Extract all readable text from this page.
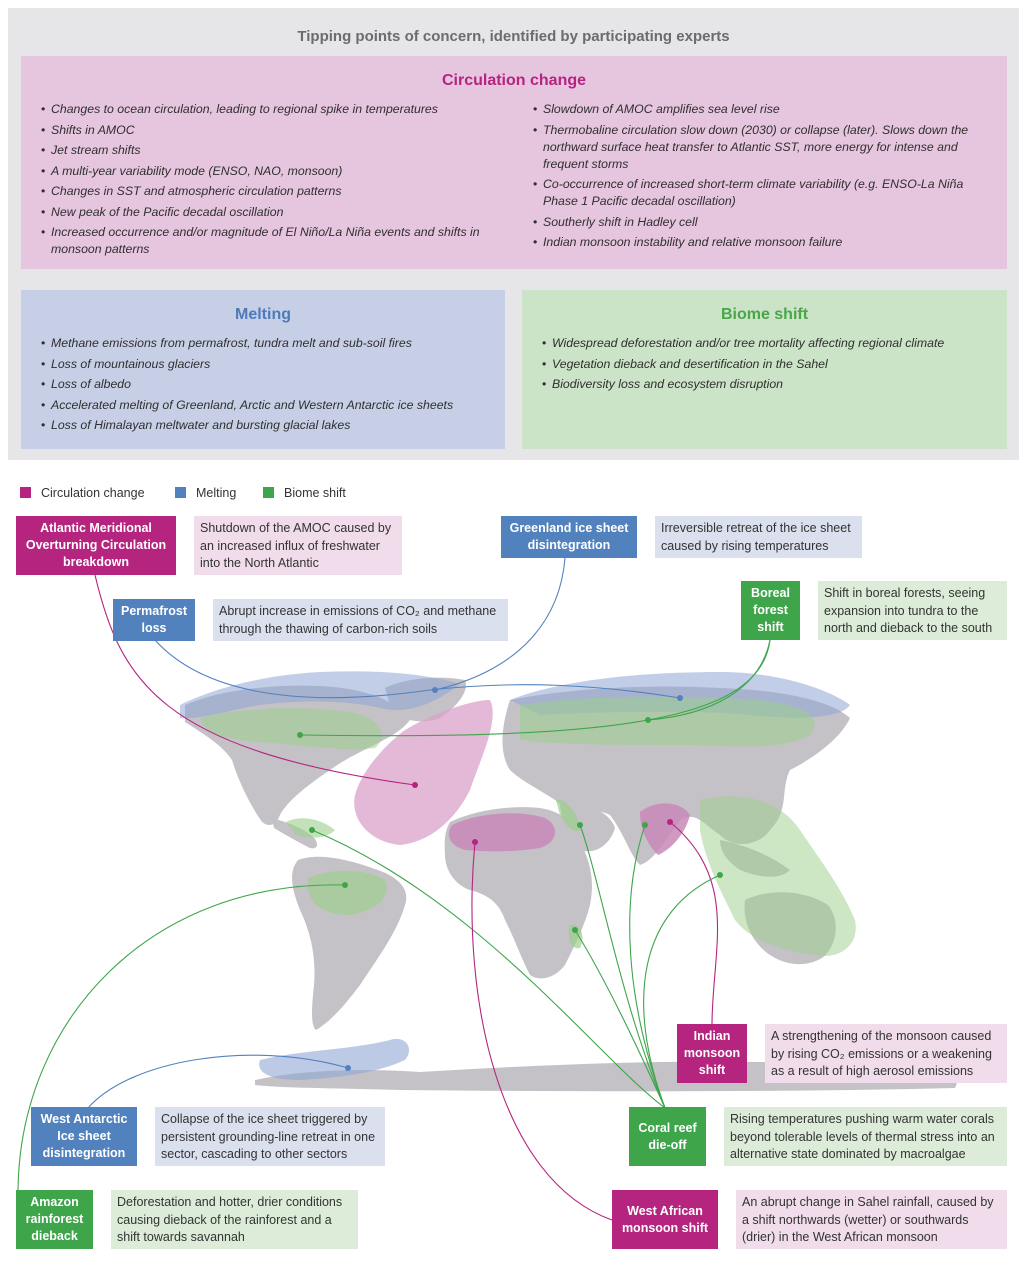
Tipping points of concern, identified by participating experts
Circulation change
• Changes to ocean circulation, leading to regional spike in temperatures
• Shifts in AMOC
• Jet stream shifts
• A multi-year variability mode (ENSO, NAO, monsoon)
• Changes in SST and atmospheric circulation patterns
• New peak of the Pacific decadal oscillation
• Increased occurrence and/or magnitude of El Niño/La Niña events and shifts in monsoon patterns
• Slowdown of AMOC amplifies sea level rise
• Thermobaline circulation slow down (2030) or collapse (later). Slows down the northward surface heat transfer to Atlantic SST, more energy for intense and frequent storms
• Co-occurrence of increased short-term climate variability (e.g. ENSO-La Niña Phase 1 Pacific decadal oscillation)
• Southerly shift in Hadley cell
• Indian monsoon instability and relative monsoon failure
Melting
• Methane emissions from permafrost, tundra melt and sub-soil fires
• Loss of mountainous glaciers
• Loss of albedo
• Accelerated melting of Greenland, Arctic and Western Antarctic ice sheets
• Loss of Himalayan meltwater and bursting glacial lakes
Biome shift
• Widespread deforestation and/or tree mortality affecting regional climate
• Vegetation dieback and desertification in the Sahel
• Biodiversity loss and ecosystem disruption
Circulation change	Melting	Biome shift
Atlantic Meridional Overturning Circulation breakdown
Shutdown of the AMOC caused by an increased influx of freshwater into the North Atlantic
Greenland ice sheet disintegration
Irreversible retreat of the ice sheet caused by rising temperatures
Permafrost loss
Abrupt increase in emissions of CO₂ and methane through the thawing of carbon-rich soils
Boreal forest shift
Shift in boreal forests, seeing expansion into tundra to the north and dieback to the south
Indian monsoon shift
A strengthening of the monsoon caused by rising CO₂ emissions or a weakening as a result of high aerosol emissions
West Antarctic Ice sheet disintegration
Collapse of the ice sheet triggered by persistent grounding-line retreat in one sector, cascading to other sectors
Coral reef die-off
Rising temperatures pushing warm water corals beyond tolerable levels of thermal stress into an alternative state dominated by macroalgae
Amazon rainforest dieback
Deforestation and hotter, drier conditions causing dieback of the rainforest and a shift towards savannah
West African monsoon shift
An abrupt change in Sahel rainfall, caused by a shift northwards (wetter) or southwards (drier) in the West African monsoon
